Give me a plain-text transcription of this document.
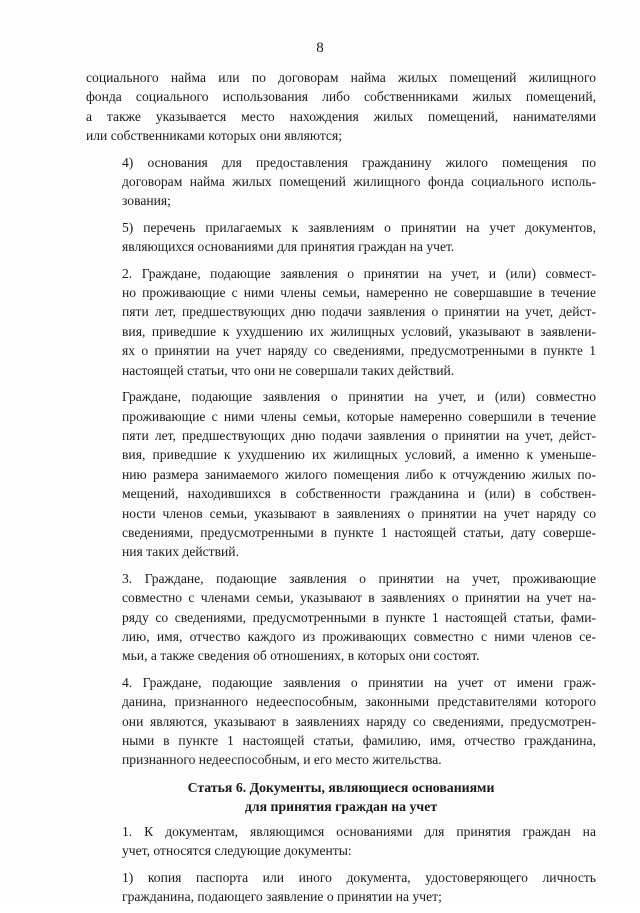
8

социального найма или по договорам найма жилых помещений жилищного
фонда социального использования либо собственниками жилых помещений,
а также указывается место нахождения жилых помещений, нанимателями
или собственниками которых они являются;

4) основания для предоставления гражданину жилого помещения по
договорам найма жилых помещений жилищного фонда социального исполь-
зования;

5) перечень прилагаемых к заявлениям о принятии на учет документов,
являющихся основаниями для принятия граждан на учет.

2. Граждане, подающие заявления о принятии на учет, и (или) совмест-
но проживающие с ними члены семьи, намеренно не совершавшие в течение
пяти лет, предшествующих дню подачи заявления о принятии на учет, дейст-
вия, приведшие к ухудшению их жилищных условий, указывают в заявлени-
ях о принятии на учет наряду со сведениями, предусмотренными в пункте 1
настоящей статьи, что они не совершали таких действий.

Граждане, подающие заявления о принятии на учет, и (или) совместно
проживающие с ними члены семьи, которые намеренно совершили в течение
пяти лет, предшествующих дню подачи заявления о принятии на учет, дейст-
вия, приведшие к ухудшению их жилищных условий, а именно к уменьше-
нию размера занимаемого жилого помещения либо к отчуждению жилых по-
мещений, находившихся в собственности гражданина и (или) в собствен-
ности членов семьи, указывают в заявлениях о принятии на учет наряду со
сведениями, предусмотренными в пункте 1 настоящей статьи, дату соверше-
ния таких действий.

3. Граждане, подающие заявления о принятии на учет, проживающие
совместно с членами семьи, указывают в заявлениях о принятии на учет на-
ряду со сведениями, предусмотренными в пункте 1 настоящей статьи, фами-
лию, имя, отчество каждого из проживающих совместно с ними членов се-
мьи, а также сведения об отношениях, в которых они состоят.

4. Граждане, подающие заявления о принятии на учет от имени граж-
данина, признанного недееспособным, законными представителями которого
они являются, указывают в заявлениях наряду со сведениями, предусмотрен-
ными в пункте 1 настоящей статьи, фамилию, имя, отчество гражданина,
признанного недееспособным, и его место жительства.

Статья 6. Документы, являющиеся основаниями
для принятия граждан на учет

1. К документам, являющимся основаниями для принятия граждан на
учет, относятся следующие документы:

1) копия паспорта или иного документа, удостоверяющего личность
гражданина, подающего заявление о принятии на учет;
